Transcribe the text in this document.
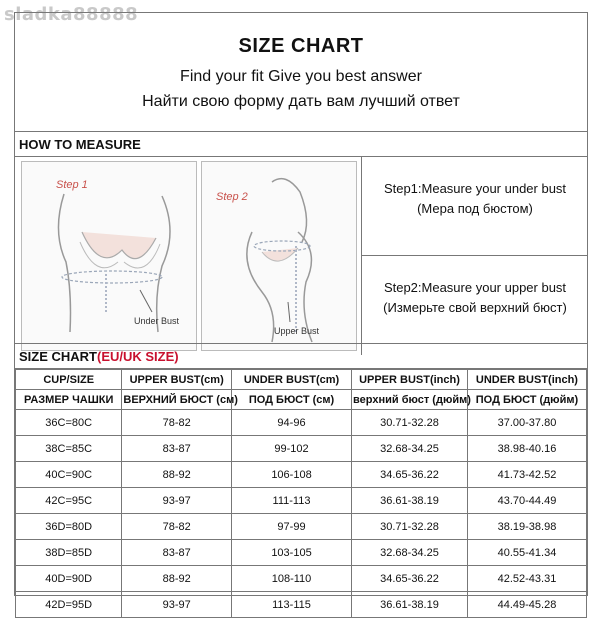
sladka88888
SIZE CHART
Find your fit Give you best answer
Найти свою форму дать вам лучший ответ
HOW TO MEASURE
Step 1
Under Bust
Step 2
Upper Bust
Step1:Measure your under bust
(Мера под бюстом)
Step2:Measure your upper bust
(Измерьте свой верхний бюст)
SIZE CHART(EU/UK SIZE)
CUP/SIZE	UPPER BUST(cm)	UNDER BUST(cm)	UPPER BUST(inch)	UNDER BUST(inch)
РАЗМЕР ЧАШКИ	ВЕРХНИЙ БЮСТ (см)	ПОД БЮСТ (см)	верхний бюст (дюйм)	ПОД БЮСТ (дюйм)
36C=80C	78-82	94-96	30.71-32.28	37.00-37.80
38C=85C	83-87	99-102	32.68-34.25	38.98-40.16
40C=90C	88-92	106-108	34.65-36.22	41.73-42.52
42C=95C	93-97	111-113	36.61-38.19	43.70-44.49
36D=80D	78-82	97-99	30.71-32.28	38.19-38.98
38D=85D	83-87	103-105	32.68-34.25	40.55-41.34
40D=90D	88-92	108-110	34.65-36.22	42.52-43.31
42D=95D	93-97	113-115	36.61-38.19	44.49-45.28
